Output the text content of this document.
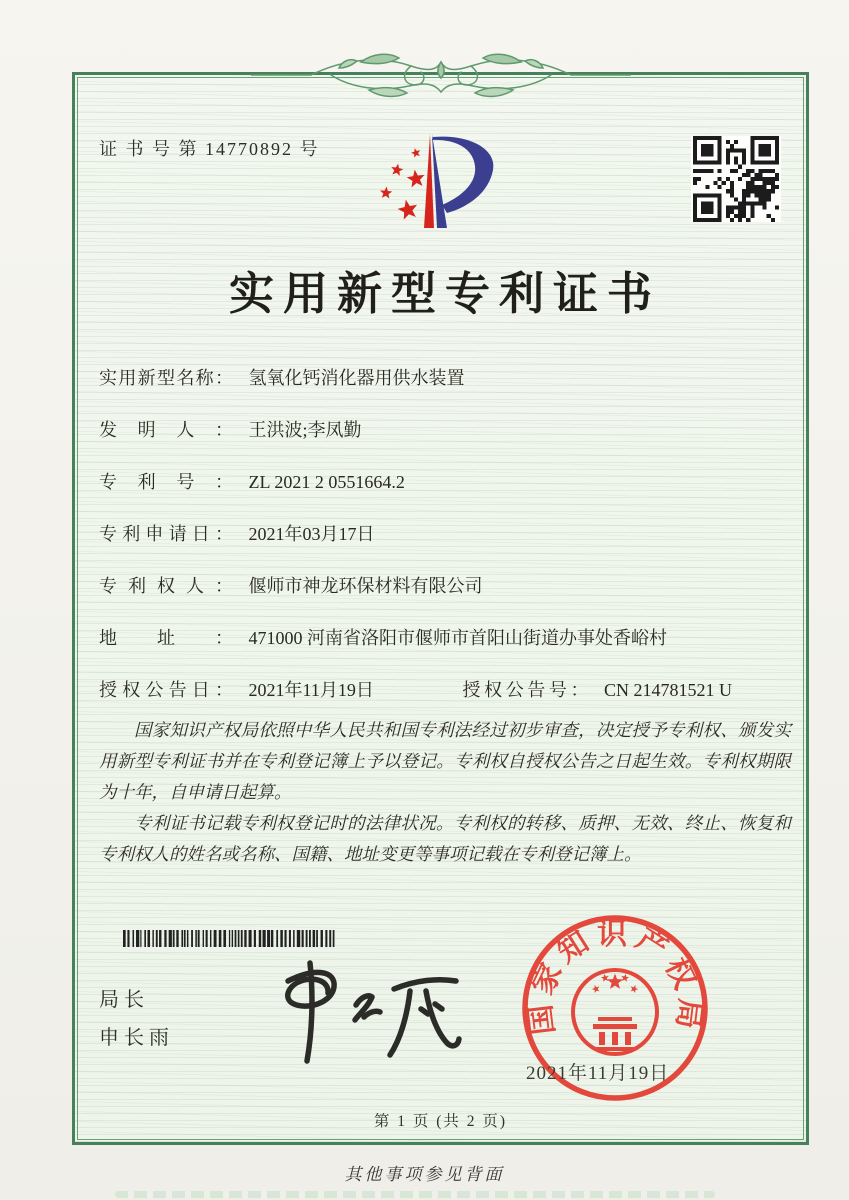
证 书 号 第 14770892 号
实用新型专利证书
实用新型名称： 氢氧化钙消化器用供水装置
发明人： 王洪波;李凤勤
专利号： ZL 2021 2 0551664.2
专利申请日： 2021年03月17日
专利权人： 偃师市神龙环保材料有限公司
地址： 471000 河南省洛阳市偃师市首阳山街道办事处香峪村
授权公告日： 2021年11月19日	授权公告号： CN 214781521 U

国家知识产权局依照中华人民共和国专利法经过初步审查，决定授予专利权、颁发实用新型专利证书并在专利登记簿上予以登记。专利权自授权公告之日起生效。专利权期限为十年，自申请日起算。

专利证书记载专利权登记时的法律状况。专利权的转移、质押、无效、终止、恢复和专利权人的姓名或名称、国籍、地址变更等事项记载在专利登记簿上。

局长
申长雨
国家知识产权局
2021年11月19日
第 1 页 (共 2 页)
其他事项参见背面
